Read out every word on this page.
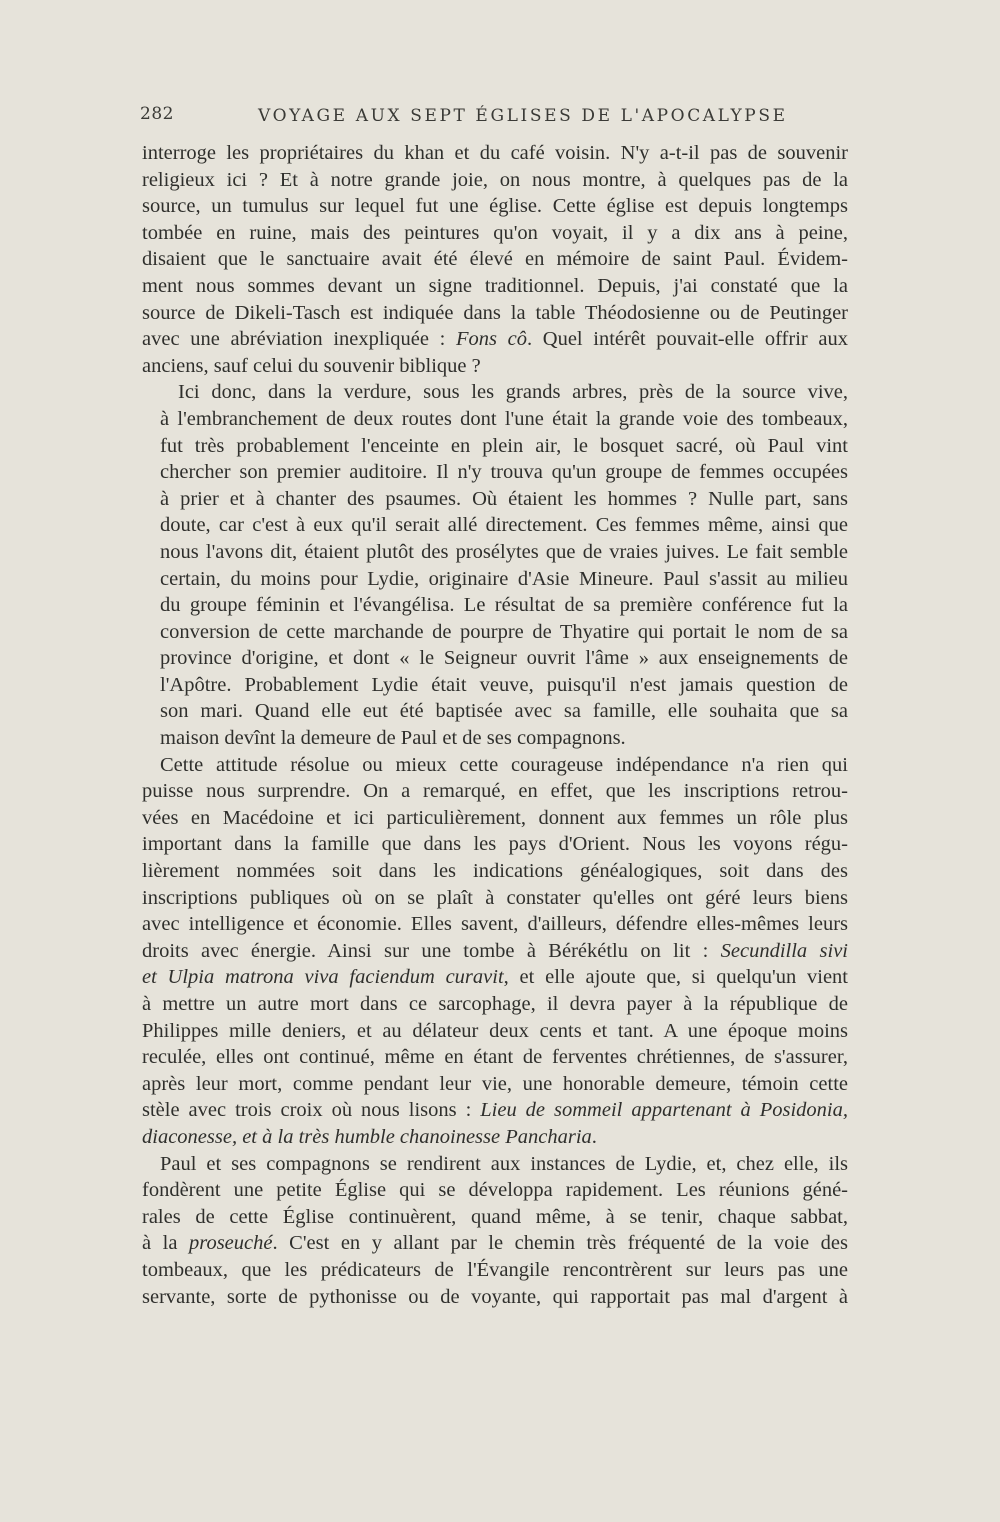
282	VOYAGE AUX SEPT ÉGLISES DE L'APOCALYPSE

interroge les propriétaires du khan et du café voisin. N'y a-t-il pas de souvenir
religieux ici ? Et à notre grande joie, on nous montre, à quelques pas de la
source, un tumulus sur lequel fut une église. Cette église est depuis longtemps
tombée en ruine, mais des peintures qu'on voyait, il y a dix ans à peine,
disaient que le sanctuaire avait été élevé en mémoire de saint Paul. Évidem-
ment nous sommes devant un signe traditionnel. Depuis, j'ai constaté que la
source de Dikeli-Tasch est indiquée dans la table Théodosienne ou de Peutinger
avec une abréviation inexpliquée : Fons cô. Quel intérêt pouvait-elle offrir aux
anciens, sauf celui du souvenir biblique ?

Ici donc, dans la verdure, sous les grands arbres, près de la source vive,
à l'embranchement de deux routes dont l'une était la grande voie des tombeaux,
fut très probablement l'enceinte en plein air, le bosquet sacré, où Paul vint
chercher son premier auditoire. Il n'y trouva qu'un groupe de femmes occupées
à prier et à chanter des psaumes. Où étaient les hommes ? Nulle part, sans
doute, car c'est à eux qu'il serait allé directement. Ces femmes même, ainsi que
nous l'avons dit, étaient plutôt des prosélytes que de vraies juives. Le fait semble
certain, du moins pour Lydie, originaire d'Asie Mineure. Paul s'assit au milieu
du groupe féminin et l'évangélisa. Le résultat de sa première conférence fut la
conversion de cette marchande de pourpre de Thyatire qui portait le nom de sa
province d'origine, et dont « le Seigneur ouvrit l'âme » aux enseignements de
l'Apôtre. Probablement Lydie était veuve, puisqu'il n'est jamais question de
son mari. Quand elle eut été baptisée avec sa famille, elle souhaita que sa
maison devînt la demeure de Paul et de ses compagnons.

Cette attitude résolue ou mieux cette courageuse indépendance n'a rien qui
puisse nous surprendre. On a remarqué, en effet, que les inscriptions retrou-
vées en Macédoine et ici particulièrement, donnent aux femmes un rôle plus
important dans la famille que dans les pays d'Orient. Nous les voyons régu-
lièrement nommées soit dans les indications généalogiques, soit dans des
inscriptions publiques où on se plaît à constater qu'elles ont géré leurs biens
avec intelligence et économie. Elles savent, d'ailleurs, défendre elles-mêmes leurs
droits avec énergie. Ainsi sur une tombe à Bérékétlu on lit : Secundilla sivi
et Ulpia matrona viva faciendum curavit, et elle ajoute que, si quelqu'un vient
à mettre un autre mort dans ce sarcophage, il devra payer à la république de
Philippes mille deniers, et au délateur deux cents et tant. A une époque moins
reculée, elles ont continué, même en étant de ferventes chrétiennes, de s'assurer,
après leur mort, comme pendant leur vie, une honorable demeure, témoin cette
stèle avec trois croix où nous lisons : Lieu de sommeil appartenant à Posidonia,
diaconesse, et à la très humble chanoinesse Pancharia.

Paul et ses compagnons se rendirent aux instances de Lydie, et, chez elle, ils
fondèrent une petite Église qui se développa rapidement. Les réunions géné-
rales de cette Église continuèrent, quand même, à se tenir, chaque sabbat,
à la proseuché. C'est en y allant par le chemin très fréquenté de la voie des
tombeaux, que les prédicateurs de l'Évangile rencontrèrent sur leurs pas une
servante, sorte de pythonisse ou de voyante, qui rapportait pas mal d'argent à
